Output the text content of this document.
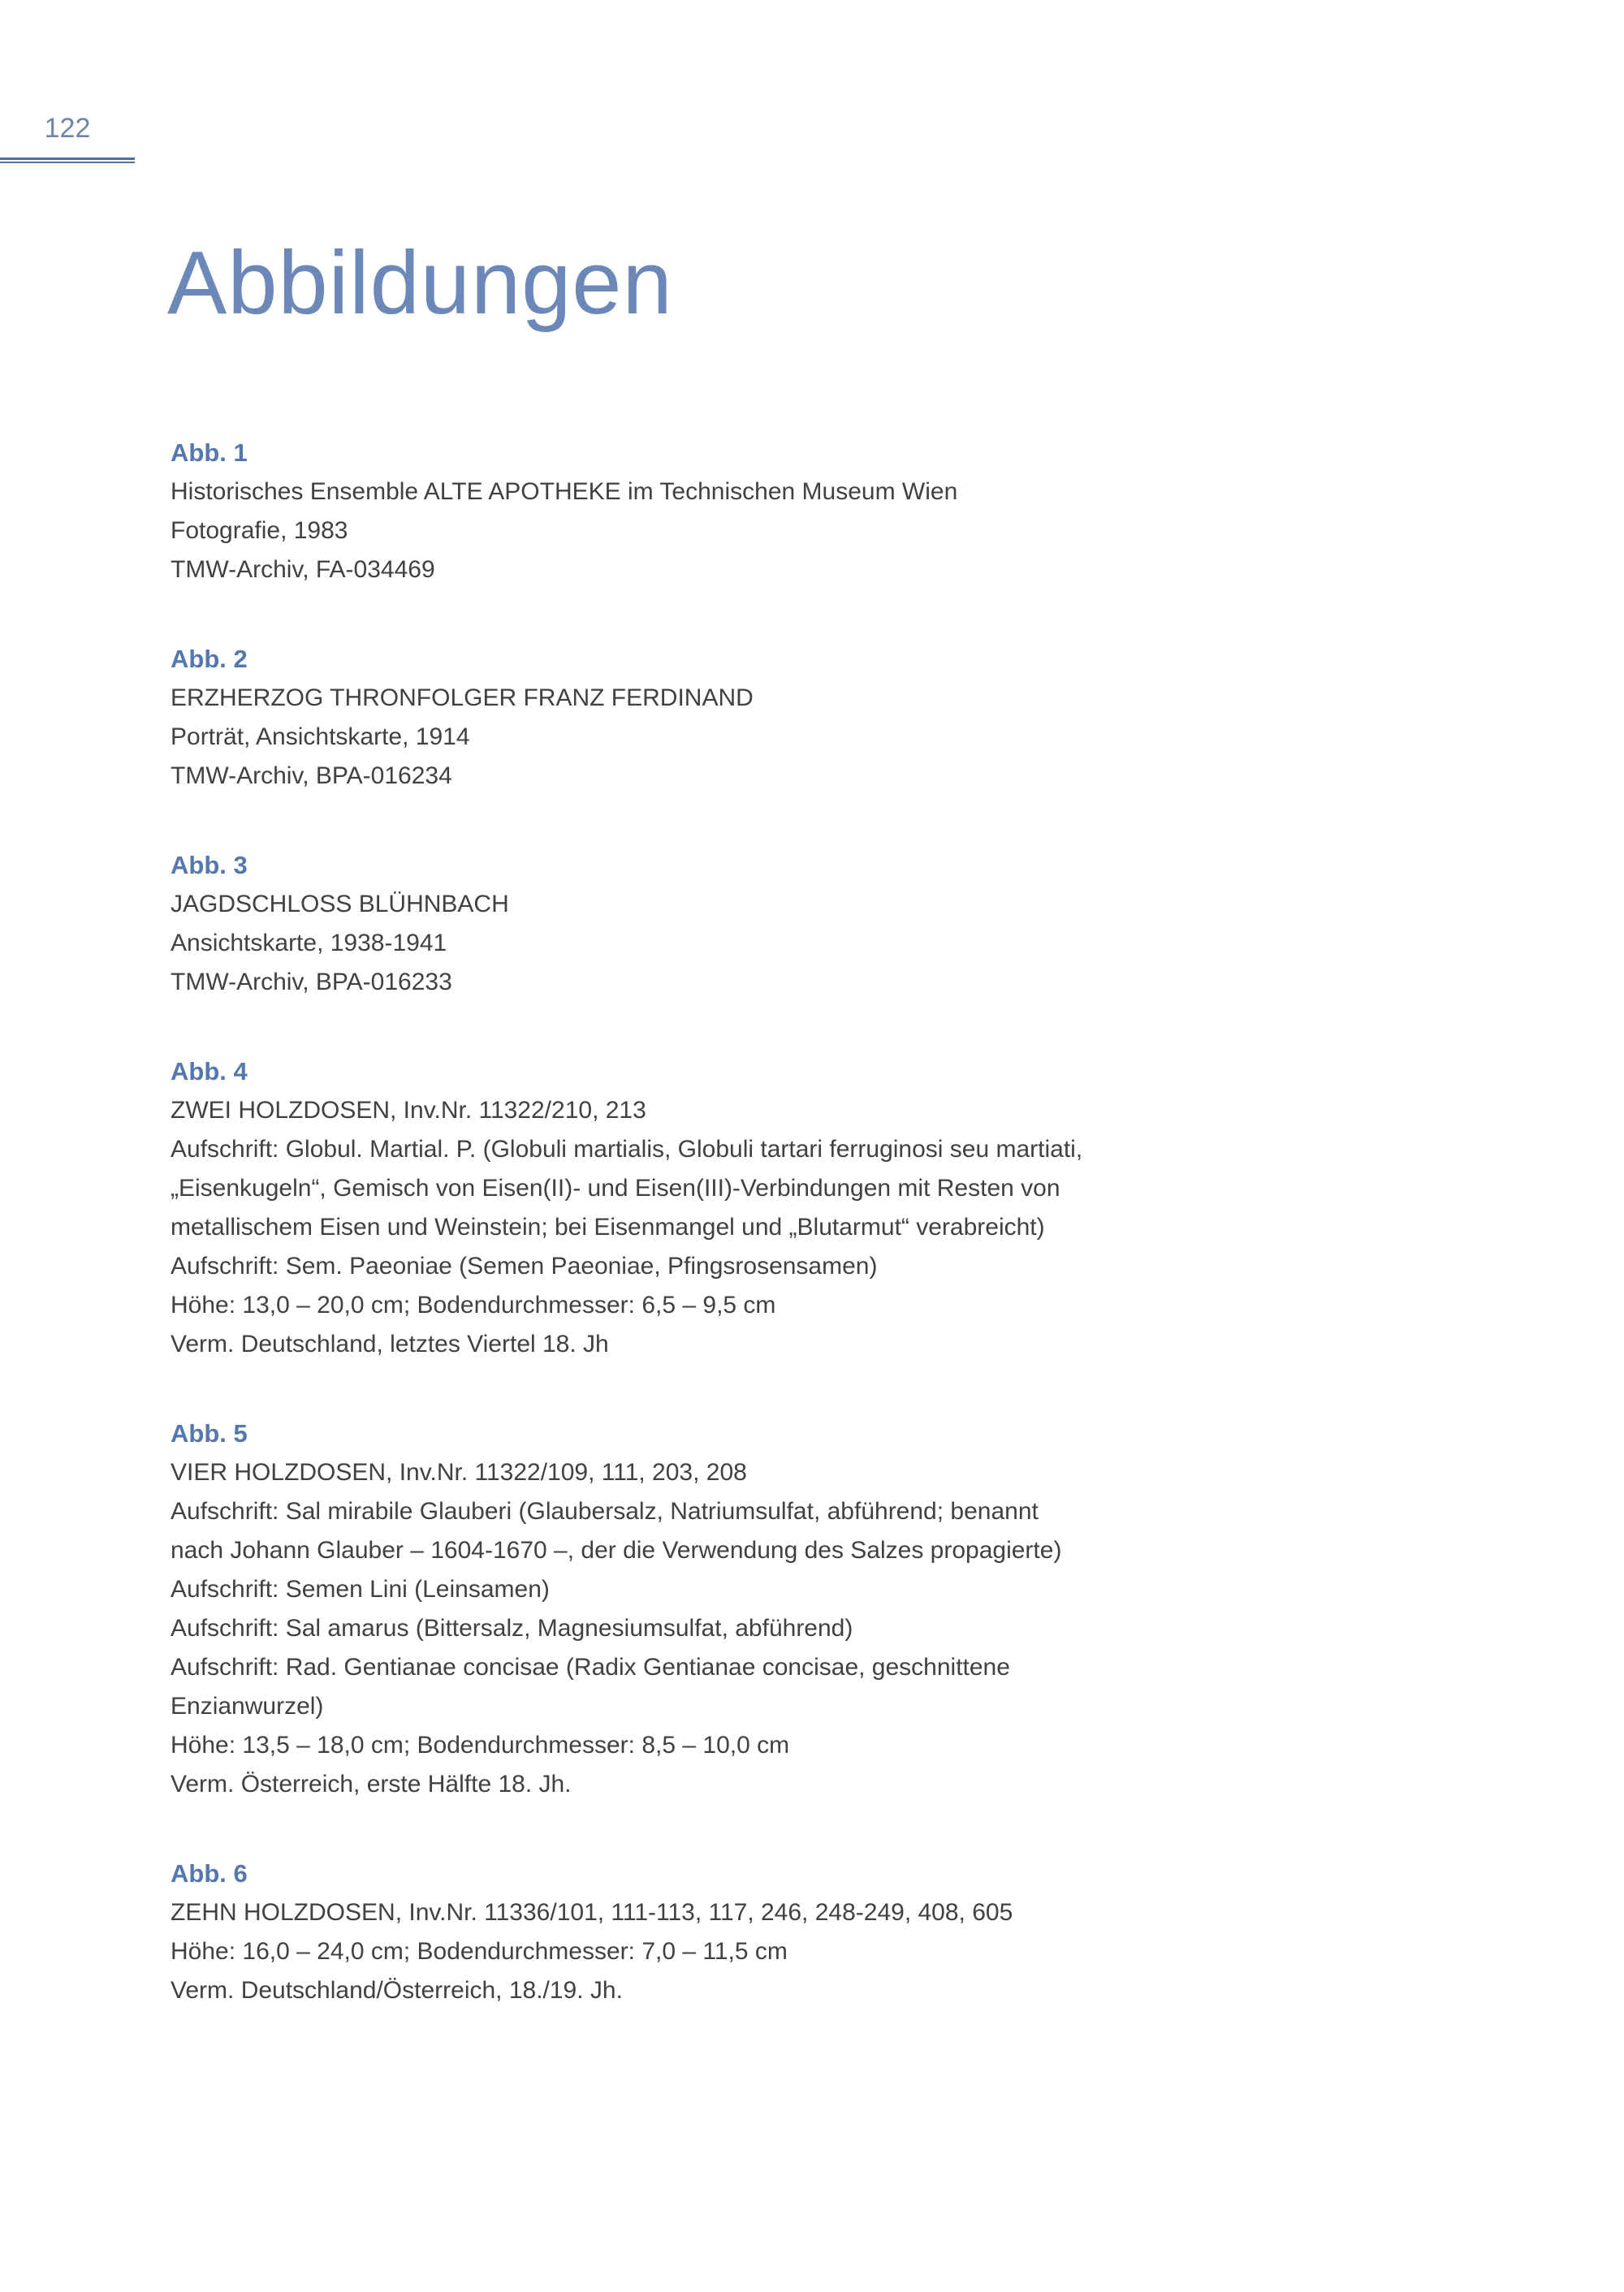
122
Abbildungen
Abb. 1
Historisches Ensemble ALTE APOTHEKE im Technischen Museum Wien
Fotografie, 1983
TMW-Archiv, FA-034469
Abb. 2
ERZHERZOG THRONFOLGER FRANZ FERDINAND
Porträt, Ansichtskarte, 1914
TMW-Archiv, BPA-016234
Abb. 3
JAGDSCHLOSS BLÜHNBACH
Ansichtskarte, 1938-1941
TMW-Archiv, BPA-016233
Abb. 4
ZWEI HOLZDOSEN, Inv.Nr. 11322/210, 213
Aufschrift: Globul. Martial. P. (Globuli martialis, Globuli tartari ferruginosi seu martiati,
„Eisenkugeln“, Gemisch von Eisen(II)- und Eisen(III)-Verbindungen mit Resten von
metallischem Eisen und Weinstein; bei Eisenmangel und „Blutarmut“ verabreicht)
Aufschrift: Sem. Paeoniae (Semen Paeoniae, Pfingsrosensamen)
Höhe: 13,0 – 20,0 cm; Bodendurchmesser: 6,5 – 9,5 cm
Verm. Deutschland, letztes Viertel 18. Jh
Abb. 5
VIER HOLZDOSEN, Inv.Nr. 11322/109, 111, 203, 208
Aufschrift: Sal mirabile Glauberi (Glaubersalz, Natriumsulfat, abführend; benannt
nach Johann Glauber – 1604-1670 –, der die Verwendung des Salzes propagierte)
Aufschrift: Semen Lini (Leinsamen)
Aufschrift: Sal amarus (Bittersalz, Magnesiumsulfat, abführend)
Aufschrift: Rad. Gentianae concisae (Radix Gentianae concisae, geschnittene
Enzianwurzel)
Höhe: 13,5 – 18,0 cm; Bodendurchmesser: 8,5 – 10,0 cm
Verm. Österreich, erste Hälfte 18. Jh.
Abb. 6
ZEHN HOLZDOSEN, Inv.Nr. 11336/101, 111-113, 117, 246, 248-249, 408, 605
Höhe: 16,0 – 24,0 cm; Bodendurchmesser: 7,0 – 11,5 cm
Verm. Deutschland/Österreich, 18./19. Jh.
